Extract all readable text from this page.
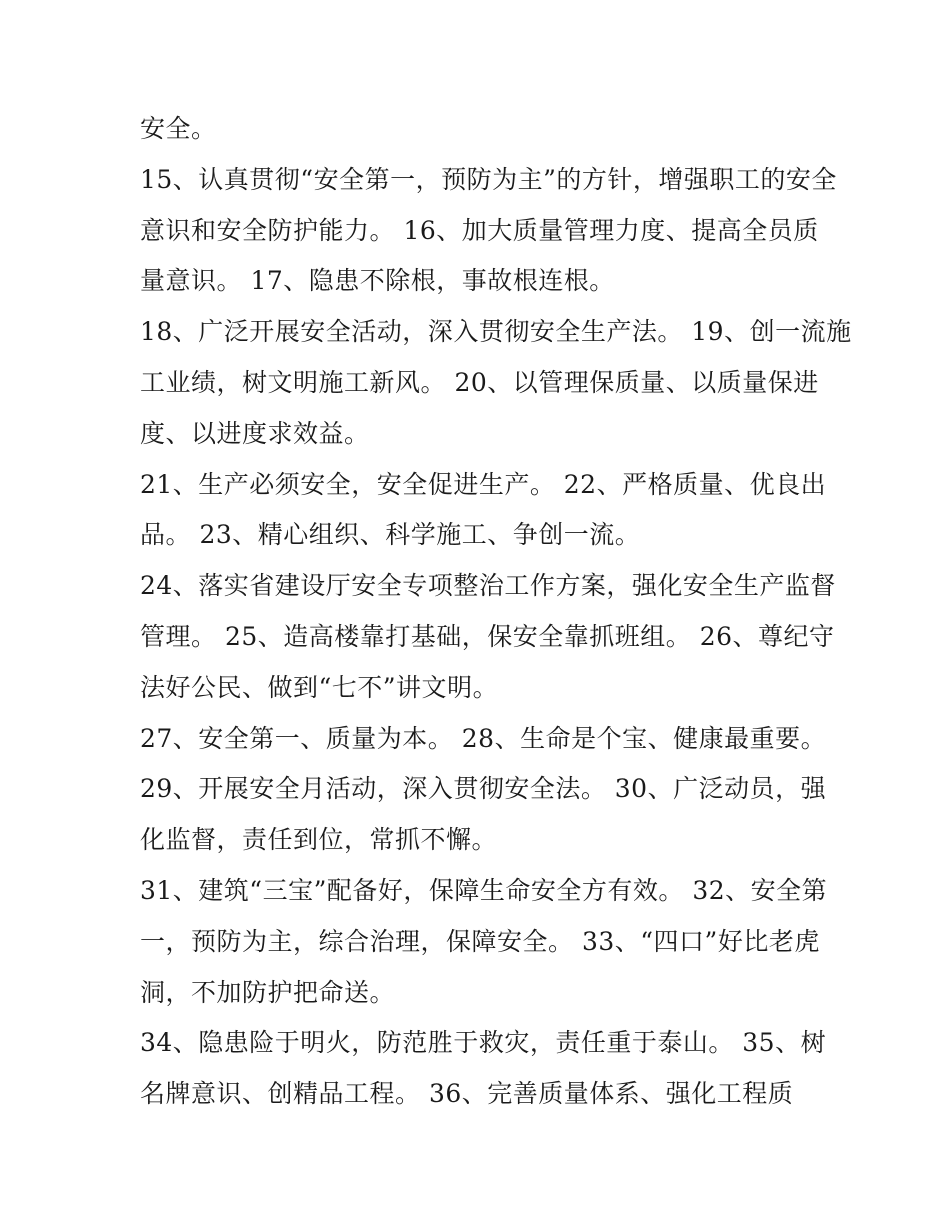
安全。
15、认真贯彻“安全第一，预防为主”的方针，增强职工的安全
意识和安全防护能力。 16、加大质量管理力度、提高全员质
量意识。 17、隐患不除根，事故根连根。
18、广泛开展安全活动，深入贯彻安全生产法。 19、创一流施
工业绩，树文明施工新风。 20、以管理保质量、以质量保进
度、以进度求效益。
21、生产必须安全，安全促进生产。 22、严格质量、优良出
品。 23、精心组织、科学施工、争创一流。
24、落实省建设厅安全专项整治工作方案，强化安全生产监督
管理。 25、造高楼靠打基础，保安全靠抓班组。 26、尊纪守
法好公民、做到“七不”讲文明。
27、安全第一、质量为本。 28、生命是个宝、健康最重要。
29、开展安全月活动，深入贯彻安全法。 30、广泛动员，强
化监督，责任到位，常抓不懈。
31、建筑“三宝”配备好，保障生命安全方有效。 32、安全第
一，预防为主，综合治理，保障安全。 33、“四口”好比老虎
洞，不加防护把命送。
34、隐患险于明火，防范胜于救灾，责任重于泰山。 35、树
名牌意识、创精品工程。 36、完善质量体系、强化工程质
